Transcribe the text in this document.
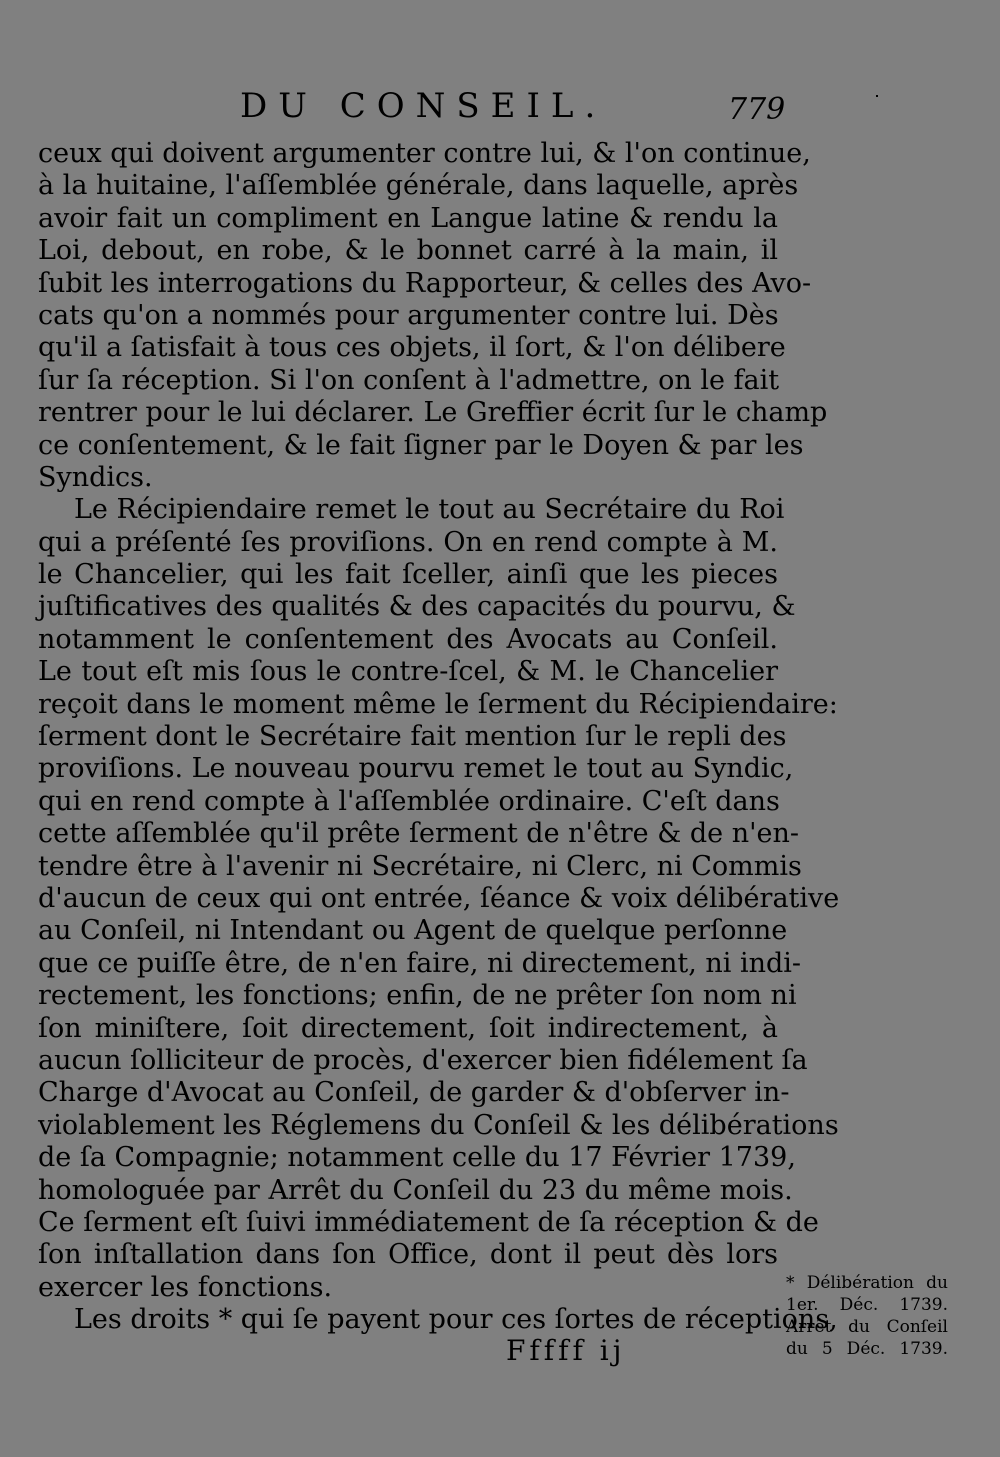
DU CONSEIL.	779
ceux qui doivent argumenter contre lui, & l'on continue,
à la huitaine, l'aſſemblée générale, dans laquelle, après
avoir fait un compliment en Langue latine & rendu la
Loi, debout, en robe, & le bonnet carré à la main, il
ſubit les interrogations du Rapporteur, & celles des Avo-
cats qu'on a nommés pour argumenter contre lui. Dès
qu'il a ſatisfait à tous ces objets, il ſort, & l'on délibere
ſur ſa réception. Si l'on conſent à l'admettre, on le fait
rentrer pour le lui déclarer. Le Greffier écrit ſur le champ
ce conſentement, & le fait ſigner par le Doyen & par les
Syndics.
Le Récipiendaire remet le tout au Secrétaire du Roi
qui a préſenté ſes proviſions. On en rend compte à M.
le Chancelier, qui les fait ſceller, ainſi que les pieces
juſtificatives des qualités & des capacités du pourvu, &
notamment le conſentement des Avocats au Conſeil.
Le tout eſt mis ſous le contre-ſcel, & M. le Chancelier
reçoit dans le moment même le ſerment du Récipiendaire:
ſerment dont le Secrétaire fait mention ſur le repli des
proviſions. Le nouveau pourvu remet le tout au Syndic,
qui en rend compte à l'aſſemblée ordinaire. C'eſt dans
cette aſſemblée qu'il prête ſerment de n'être & de n'en-
tendre être à l'avenir ni Secrétaire, ni Clerc, ni Commis
d'aucun de ceux qui ont entrée, ſéance & voix délibérative
au Conſeil, ni Intendant ou Agent de quelque perſonne
que ce puiſſe être, de n'en faire, ni directement, ni indi-
rectement, les fonctions; enfin, de ne prêter ſon nom ni
ſon miniſtere, ſoit directement, ſoit indirectement, à
aucun ſolliciteur de procès, d'exercer bien fidélement ſa
Charge d'Avocat au Conſeil, de garder & d'obſerver in-
violablement les Réglemens du Conſeil & les délibérations
de ſa Compagnie; notamment celle du 17 Février 1739,
homologuée par Arrêt du Conſeil du 23 du même mois.
Ce ſerment eſt ſuivi immédiatement de ſa réception & de
ſon inſtallation dans ſon Office, dont il peut dès lors
exercer les fonctions.
Les droits * qui ſe payent pour ces ſortes de réceptions,
Fffff ij
* Délibération du
1er. Déc. 1739.
Arrêt du Conſeil
du 5 Déc. 1739.
